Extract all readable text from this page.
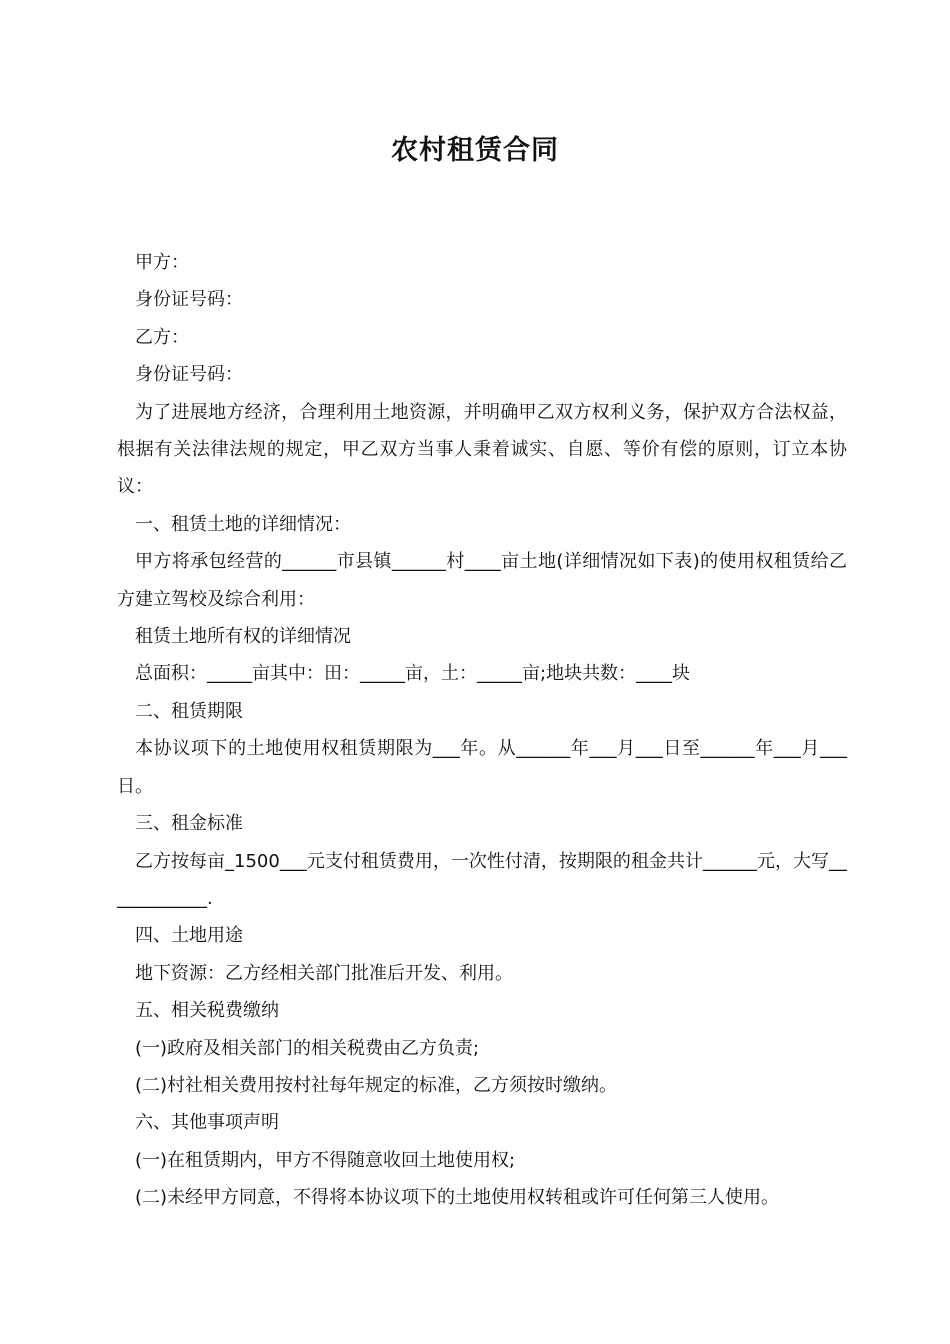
农村租赁合同

甲方：

身份证号码：

乙方：

身份证号码：

为了进展地方经济，合理利用土地资源，并明确甲乙双方权利义务，保护双方合法权益，根据有关法律法规的规定，甲乙双方当事人秉着诚实、自愿、等价有偿的原则，订立本协议：

一、租赁土地的详细情况：

甲方将承包经营的______市县镇______村____亩土地(详细情况如下表)的使用权租赁给乙方建立驾校及综合利用：

租赁土地所有权的详细情况

总面积：_____亩其中：田：_____亩，土：_____亩;地块共数：____块

二、租赁期限

本协议项下的土地使用权租赁期限为___年。从______年___月___日至______年___月___日。

三、租金标准

乙方按每亩_1500___元支付租赁费用，一次性付清，按期限的租金共计______元，大写____________.

四、土地用途

地下资源：乙方经相关部门批准后开发、利用。

五、相关税费缴纳

(一)政府及相关部门的相关税费由乙方负责;

(二)村社相关费用按村社每年规定的标准，乙方须按时缴纳。

六、其他事项声明

(一)在租赁期内，甲方不得随意收回土地使用权;

(二)未经甲方同意，不得将本协议项下的土地使用权转租或许可任何第三人使用。
